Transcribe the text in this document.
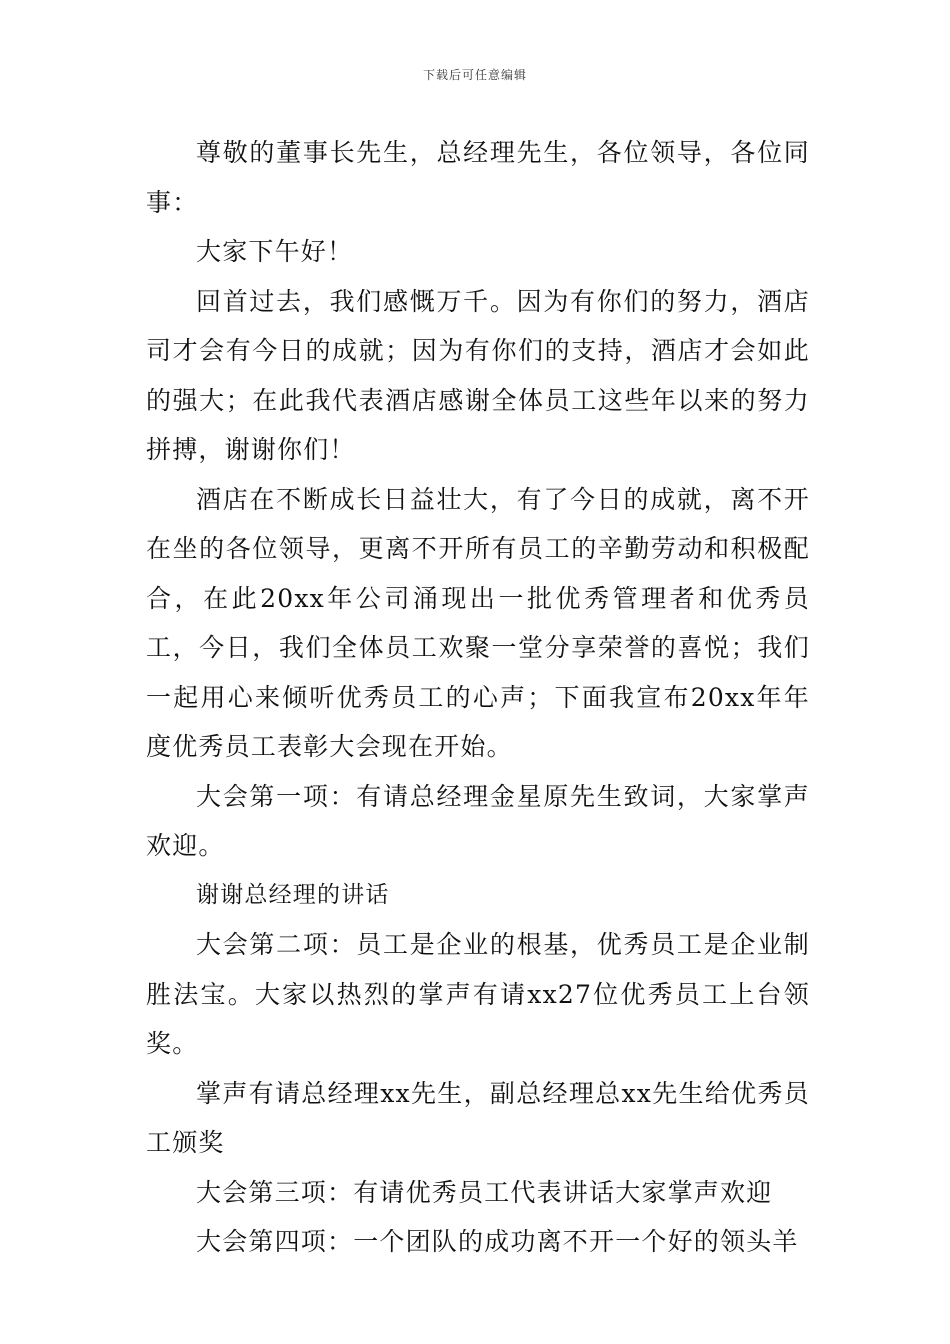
下载后可任意编辑

尊敬的董事长先生，总经理先生，各位领导，各位同事：

大家下午好！

回首过去，我们感慨万千。因为有你们的努力，酒店司才会有今日的成就；因为有你们的支持，酒店才会如此的强大；在此我代表酒店感谢全体员工这些年以来的努力拼搏，谢谢你们！

酒店在不断成长日益壮大，有了今日的成就，离不开在坐的各位领导，更离不开所有员工的辛勤劳动和积极配合，在此20xx年公司涌现出一批优秀管理者和优秀员工，今日，我们全体员工欢聚一堂分享荣誉的喜悦；我们一起用心来倾听优秀员工的心声；下面我宣布20xx年年度优秀员工表彰大会现在开始。

大会第一项：有请总经理金星原先生致词，大家掌声欢迎。

谢谢总经理的讲话

大会第二项：员工是企业的根基，优秀员工是企业制胜法宝。大家以热烈的掌声有请xx27位优秀员工上台领奖。

掌声有请总经理xx先生，副总经理总xx先生给优秀员工颁奖

大会第三项：有请优秀员工代表讲话大家掌声欢迎

大会第四项：一个团队的成功离不开一个好的领头羊
